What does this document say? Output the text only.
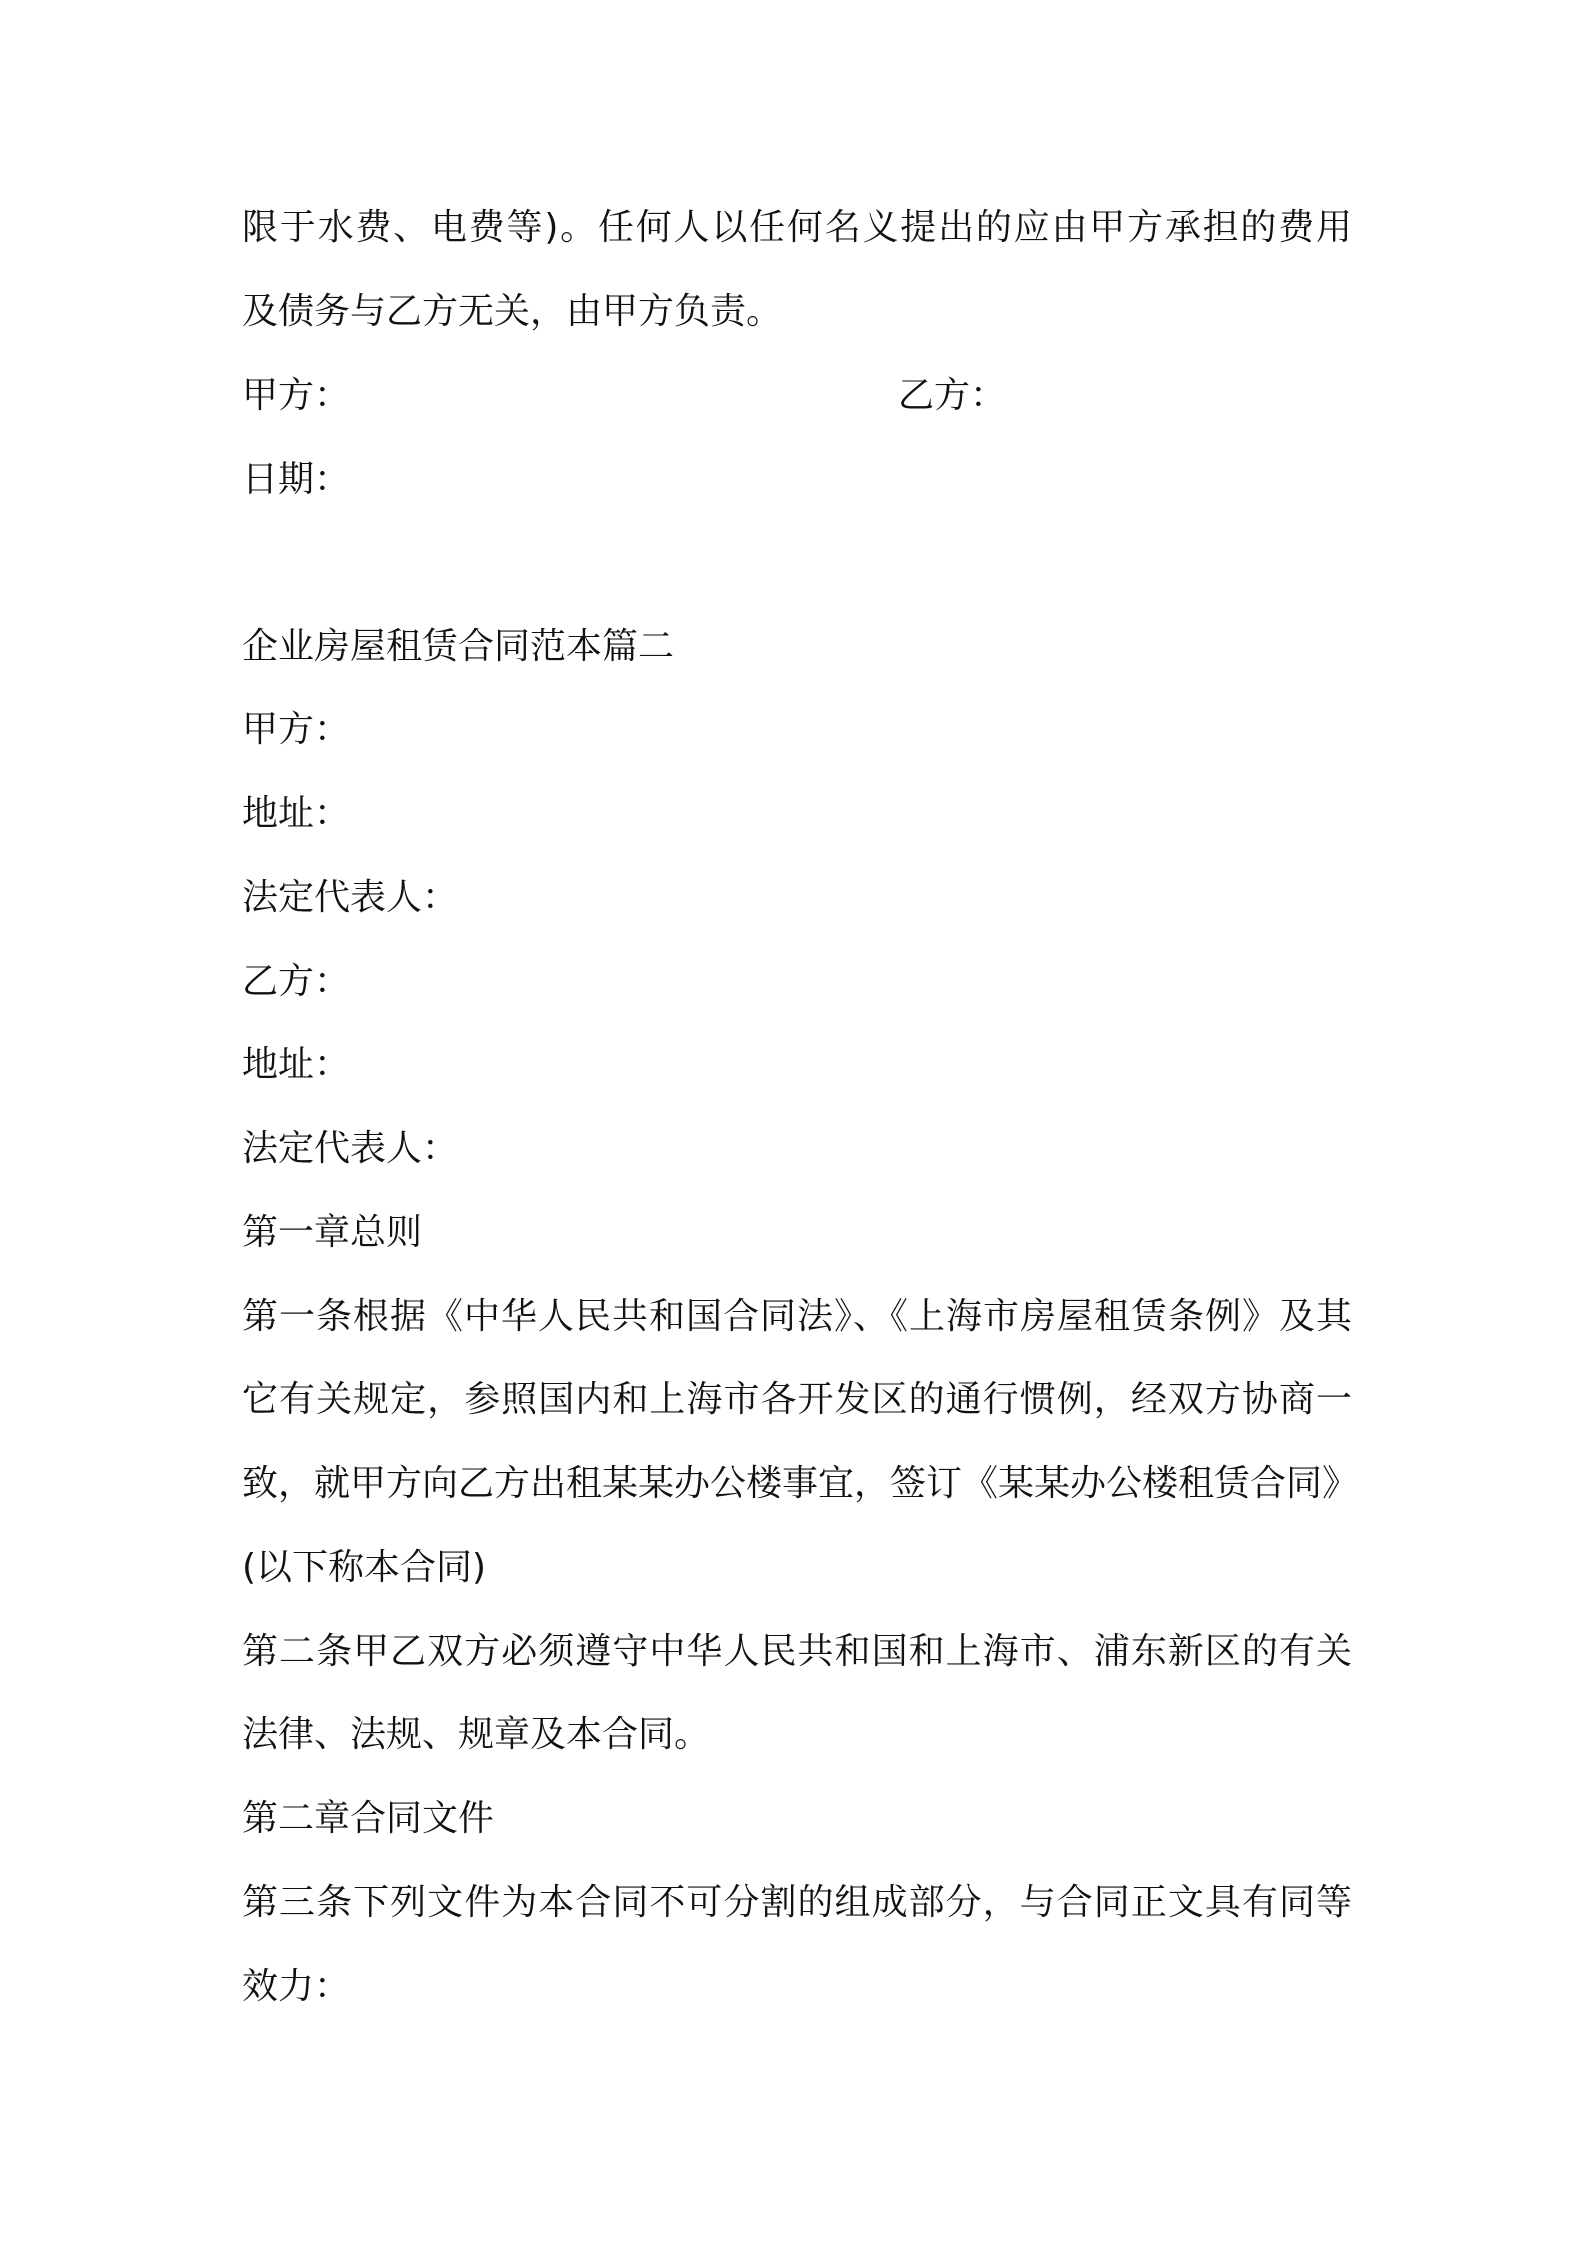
限于水费、电费等)。任何人以任何名义提出的应由甲方承担的费用
及债务与乙方无关，由甲方负责。
甲方：	乙方：
日期：
企业房屋租赁合同范本篇二
甲方：
地址：
法定代表人：
乙方：
地址：
法定代表人：
第一章总则
第一条根据《中华人民共和国合同法》、《上海市房屋租赁条例》及其
它有关规定，参照国内和上海市各开发区的通行惯例，经双方协商一
致，就甲方向乙方出租某某办公楼事宜，签订《某某办公楼租赁合同》
(以下称本合同)
第二条甲乙双方必须遵守中华人民共和国和上海市、浦东新区的有关
法律、法规、规章及本合同。
第二章合同文件
第三条下列文件为本合同不可分割的组成部分，与合同正文具有同等
效力：
